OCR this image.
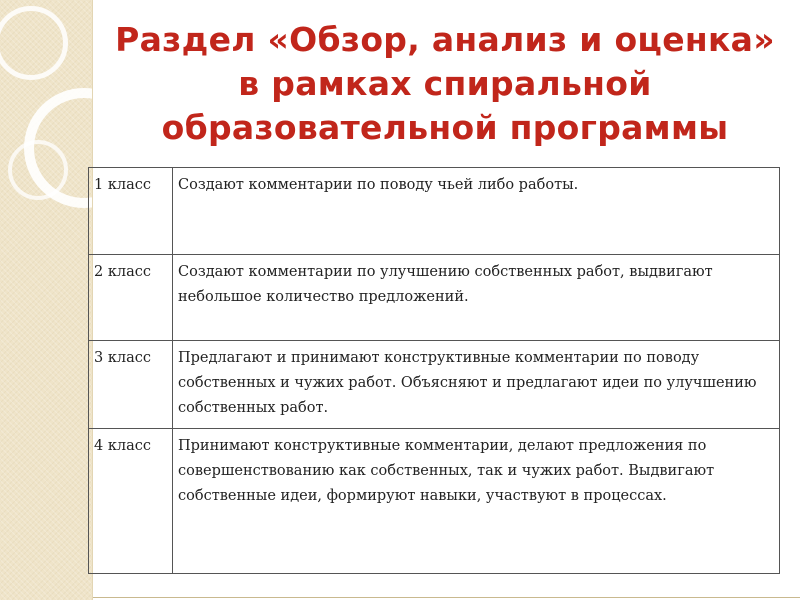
Раздел «Обзор, анализ и оценка»
в рамках спиральной
образовательной программы
1 класс	Создают комментарии по поводу чьей либо работы.
2 класс	Создают комментарии по улучшению собственных работ, выдвигают небольшое количество предложений.
3 класс	Предлагают и принимают конструктивные комментарии по поводу собственных и чужих работ. Объясняют и предлагают идеи по улучшению собственных работ.
4 класс	Принимают конструктивные комментарии, делают предложения по совершенствованию как собственных, так и чужих работ. Выдвигают собственные идеи, формируют навыки, участвуют в процессах.
